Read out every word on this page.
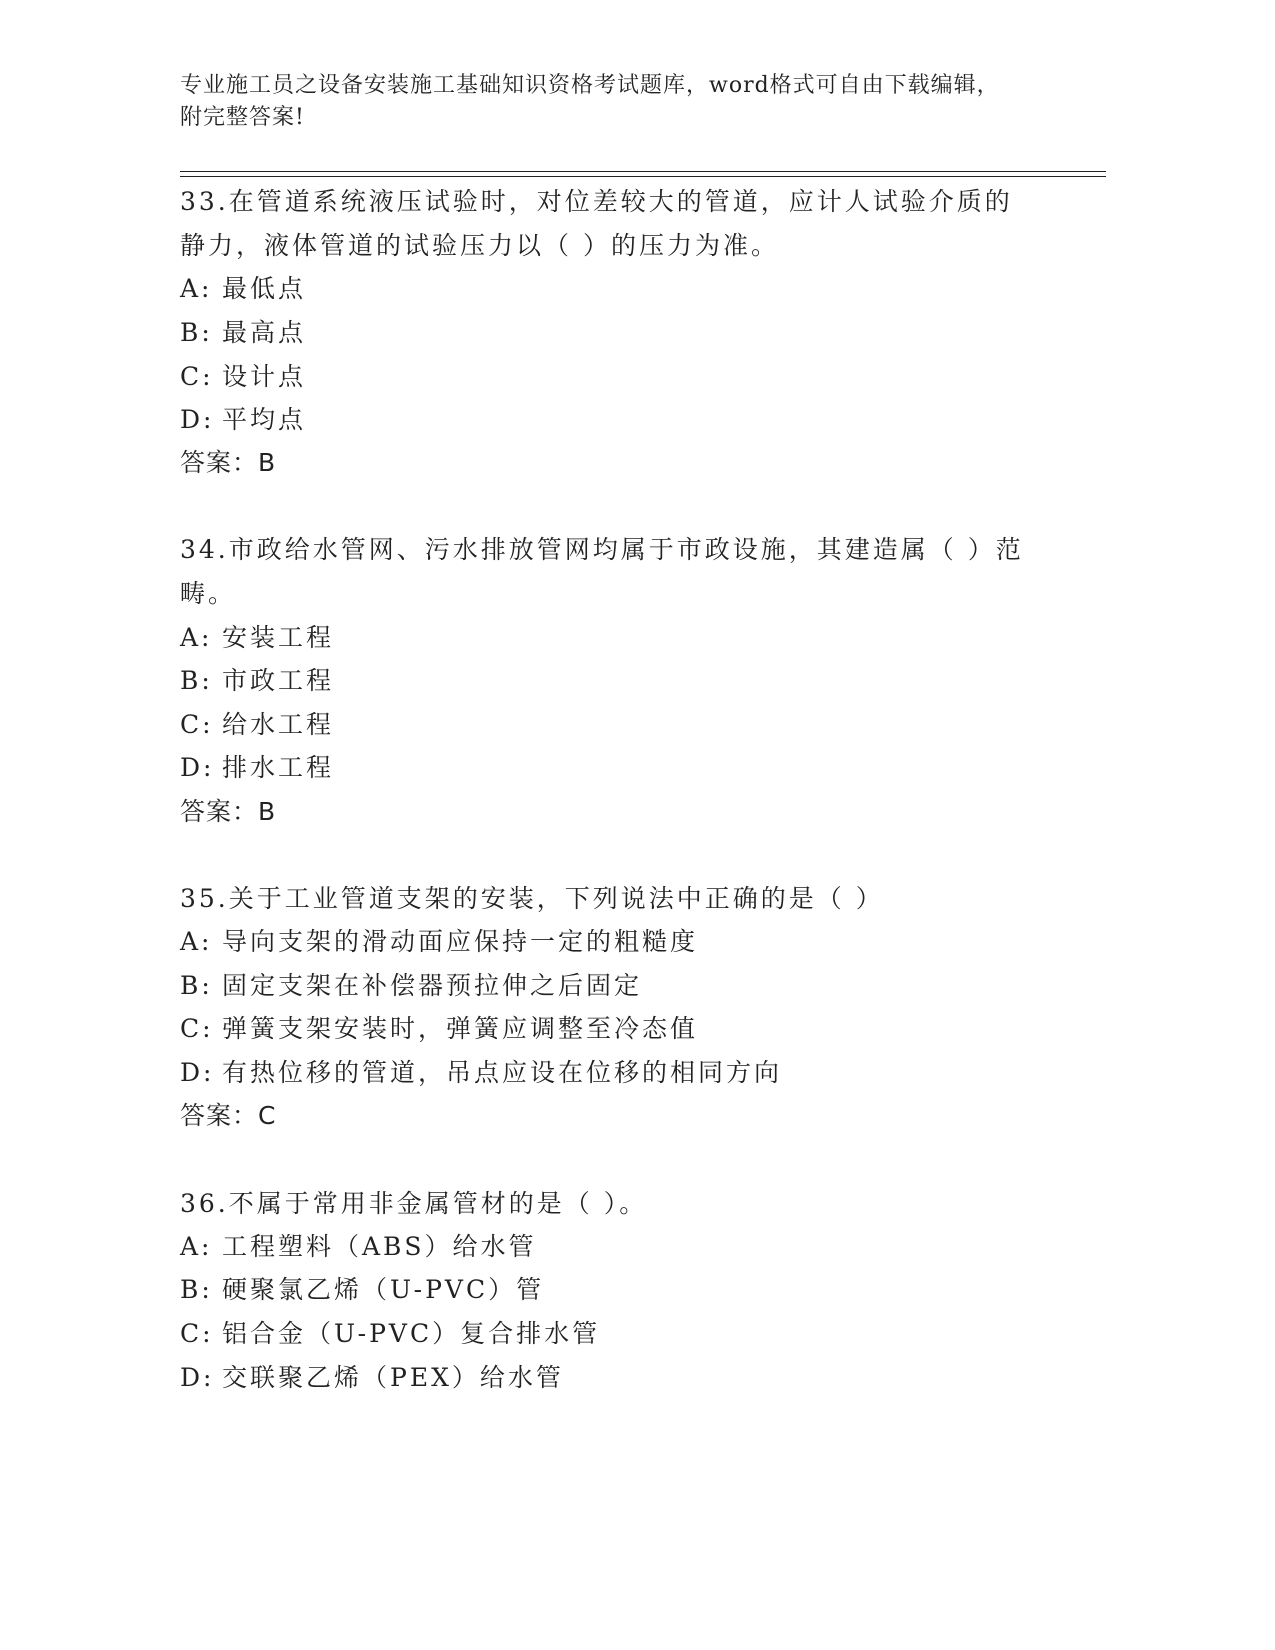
专业施工员之设备安装施工基础知识资格考试题库，word格式可自由下载编辑，
附完整答案!
33.在管道系统液压试验时，对位差较大的管道，应计人试验介质的静力，液体管道的试验压力以（ ）的压力为准。
A: 最低点
B: 最高点
C: 设计点
D: 平均点
答案：B
34.市政给水管网、污水排放管网均属于市政设施，其建造属（ ）范畴。
A: 安装工程
B: 市政工程
C: 给水工程
D: 排水工程
答案：B
35.关于工业管道支架的安装，下列说法中正确的是（ ）
A: 导向支架的滑动面应保持一定的粗糙度
B: 固定支架在补偿器预拉伸之后固定
C: 弹簧支架安装时，弹簧应调整至冷态值
D: 有热位移的管道，吊点应设在位移的相同方向
答案：C
36.不属于常用非金属管材的是（ ）。
A: 工程塑料（ABS）给水管
B: 硬聚氯乙烯（U-PVC）管
C: 铝合金（U-PVC）复合排水管
D: 交联聚乙烯（PEX）给水管
